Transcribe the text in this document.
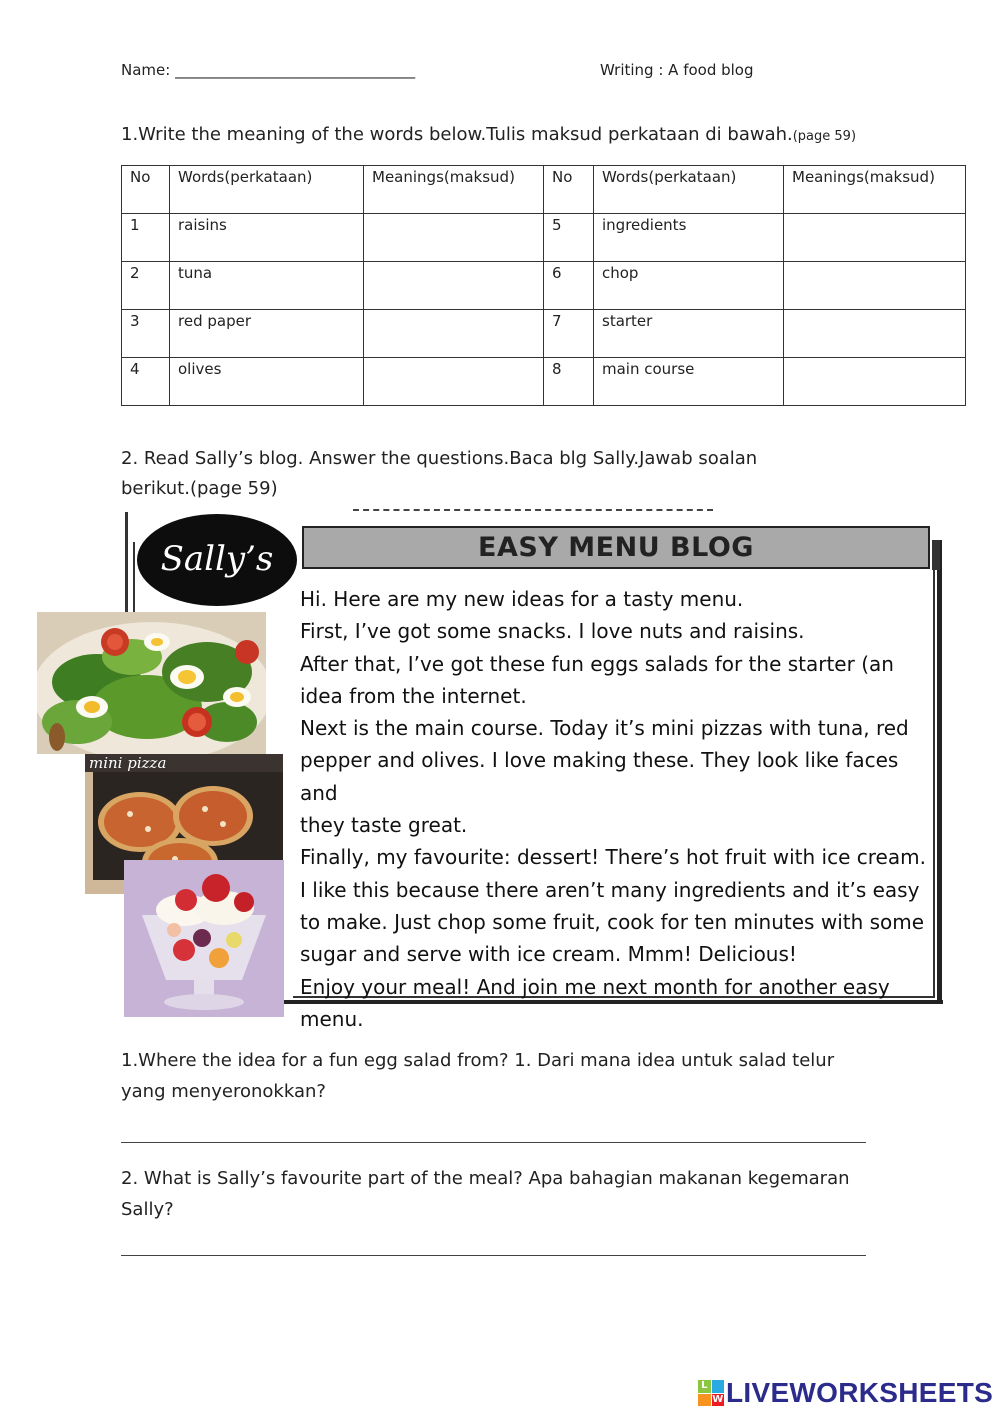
Name: ________________________________	Writing : A food blog
1.Write the meaning of the words below.Tulis maksud perkataan di bawah.(page 59)
No	Words(perkataan)	Meanings(maksud)	No	Words(perkataan)	Meanings(maksud)
1	raisins		5	ingredients	
2	tuna		6	chop	
3	red paper		7	starter	
4	olives		8	main course	
2. Read Sally’s blog. Answer the questions.Baca blg Sally.Jawab soalan
berikut.(page 59)
Sally’s	EASY MENU BLOG

Hi. Here are my new ideas for a tasty menu.

First, I’ve got some snacks. I love nuts and raisins.

After that, I’ve got these fun eggs salads for the starter (an

idea from the internet.

Next is the main course. Today it’s mini pizzas with tuna, red

pepper and olives. I love making these. They look like faces and

they taste great.

Finally, my favourite: dessert! There’s hot fruit with ice cream.

I like this because there aren’t many ingredients and it’s easy

to make. Just chop some fruit, cook for ten minutes with some

sugar and serve with ice cream. Mmm! Delicious!

Enjoy your meal! And join me next month for another easy menu.

mini pizza
1.Where the idea for a fun egg salad from? 1. Dari mana idea untuk salad telur
yang menyeronokkan?
2. What is Sally’s favourite part of the meal? Apa bahagian makanan kegemaran
Sally?
L
W LIVEWORKSHEETS
